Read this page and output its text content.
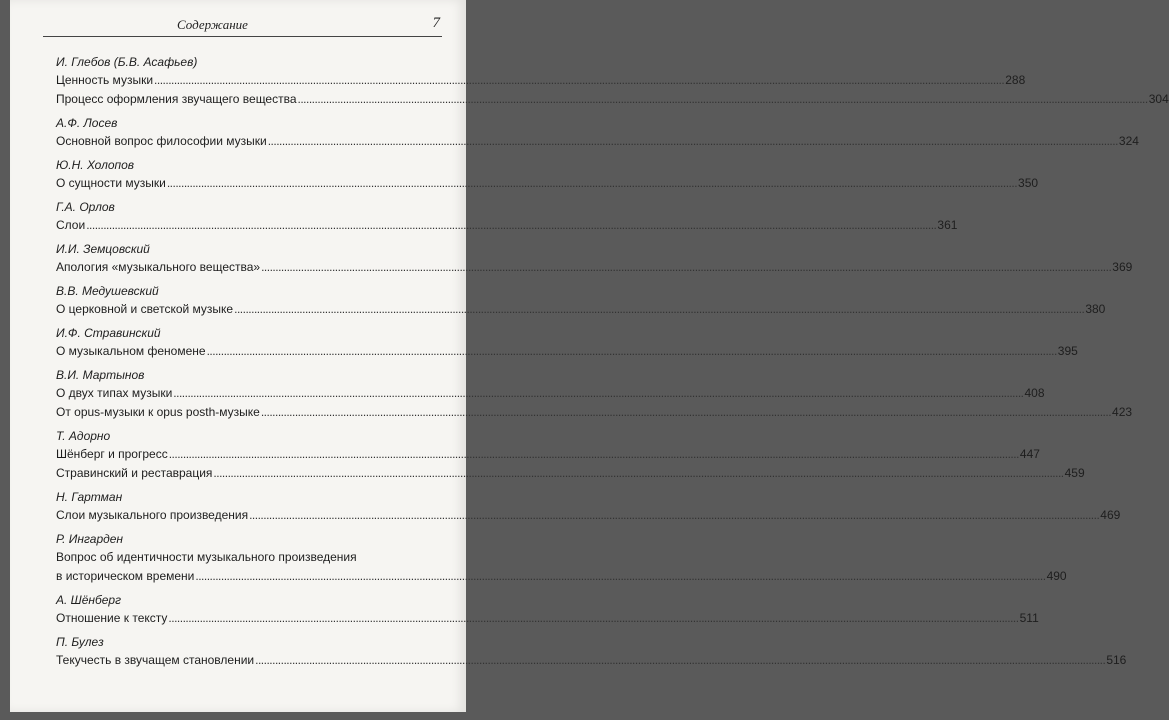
Содержание	7
И. Глебов (Б.В. Асафьев)
Ценность музыки ............................................................................................................................................................................................................................................................................................................ 288
Процесс оформления звучащего вещества ............................................................................................................................................................................................................................................................................................................ 304
А.Ф. Лосев
Основной вопрос философии музыки ............................................................................................................................................................................................................................................................................................................ 324
Ю.Н. Холопов
О сущности музыки ............................................................................................................................................................................................................................................................................................................ 350
Г.А. Орлов
Слои ............................................................................................................................................................................................................................................................................................................ 361
И.И. Земцовский
Апология «музыкального вещества» ............................................................................................................................................................................................................................................................................................................ 369
В.В. Медушевский
О церковной и светской музыке ............................................................................................................................................................................................................................................................................................................ 380
И.Ф. Стравинский
О музыкальном феномене ............................................................................................................................................................................................................................................................................................................ 395
В.И. Мартынов
О двух типах музыки ............................................................................................................................................................................................................................................................................................................ 408
От opus-музыки к opus posth-музыке ............................................................................................................................................................................................................................................................................................................ 423
Т. Адорно
Шёнберг и прогресс ............................................................................................................................................................................................................................................................................................................ 447
Стравинский и реставрация ............................................................................................................................................................................................................................................................................................................ 459
Н. Гартман
Слои музыкального произведения ............................................................................................................................................................................................................................................................................................................ 469
Р. Ингарден
Вопрос об идентичности музыкального произведения
в историческом времени ............................................................................................................................................................................................................................................................................................................ 490
А. Шёнберг
Отношение к тексту ............................................................................................................................................................................................................................................................................................................ 511
П. Булез
Текучесть в звучащем становлении ............................................................................................................................................................................................................................................................................................................ 516
